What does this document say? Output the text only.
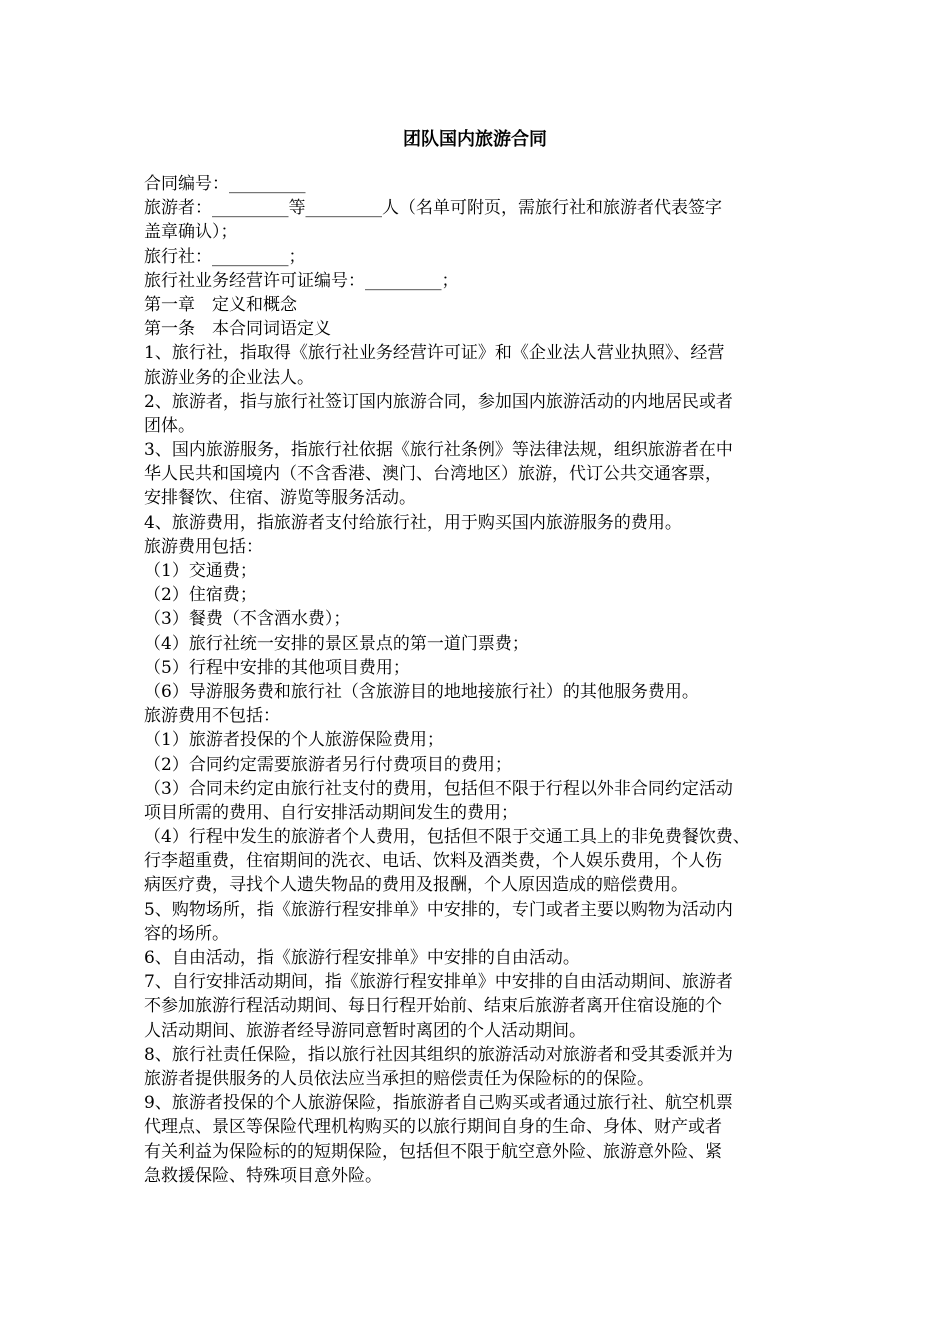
团队国内旅游合同
合同编号：_________
旅游者：_________等_________人（名单可附页，需旅行社和旅游者代表签字
盖章确认）；
旅行社：_________；
旅行社业务经营许可证编号：_________；
第一章　定义和概念
第一条　本合同词语定义
1、旅行社，指取得《旅行社业务经营许可证》和《企业法人营业执照》、经营
旅游业务的企业法人。
2、旅游者，指与旅行社签订国内旅游合同，参加国内旅游活动的内地居民或者
团体。
3、国内旅游服务，指旅行社依据《旅行社条例》等法律法规，组织旅游者在中
华人民共和国境内（不含香港、澳门、台湾地区）旅游，代订公共交通客票，
安排餐饮、住宿、游览等服务活动。
4、旅游费用，指旅游者支付给旅行社，用于购买国内旅游服务的费用。
旅游费用包括：
（1）交通费；
（2）住宿费；
（3）餐费（不含酒水费）；
（4）旅行社统一安排的景区景点的第一道门票费；
（5）行程中安排的其他项目费用；
（6）导游服务费和旅行社（含旅游目的地地接旅行社）的其他服务费用。
旅游费用不包括：
（1）旅游者投保的个人旅游保险费用；
（2）合同约定需要旅游者另行付费项目的费用；
（3）合同未约定由旅行社支付的费用，包括但不限于行程以外非合同约定活动
项目所需的费用、自行安排活动期间发生的费用；
（4）行程中发生的旅游者个人费用，包括但不限于交通工具上的非免费餐饮费、
行李超重费，住宿期间的洗衣、电话、饮料及酒类费，个人娱乐费用，个人伤
病医疗费，寻找个人遗失物品的费用及报酬，个人原因造成的赔偿费用。
5、购物场所，指《旅游行程安排单》中安排的，专门或者主要以购物为活动内
容的场所。
6、自由活动，指《旅游行程安排单》中安排的自由活动。
7、自行安排活动期间，指《旅游行程安排单》中安排的自由活动期间、旅游者
不参加旅游行程活动期间、每日行程开始前、结束后旅游者离开住宿设施的个
人活动期间、旅游者经导游同意暂时离团的个人活动期间。
8、旅行社责任保险，指以旅行社因其组织的旅游活动对旅游者和受其委派并为
旅游者提供服务的人员依法应当承担的赔偿责任为保险标的的保险。
9、旅游者投保的个人旅游保险，指旅游者自己购买或者通过旅行社、航空机票
代理点、景区等保险代理机构购买的以旅行期间自身的生命、身体、财产或者
有关利益为保险标的的短期保险，包括但不限于航空意外险、旅游意外险、紧
急救援保险、特殊项目意外险。
